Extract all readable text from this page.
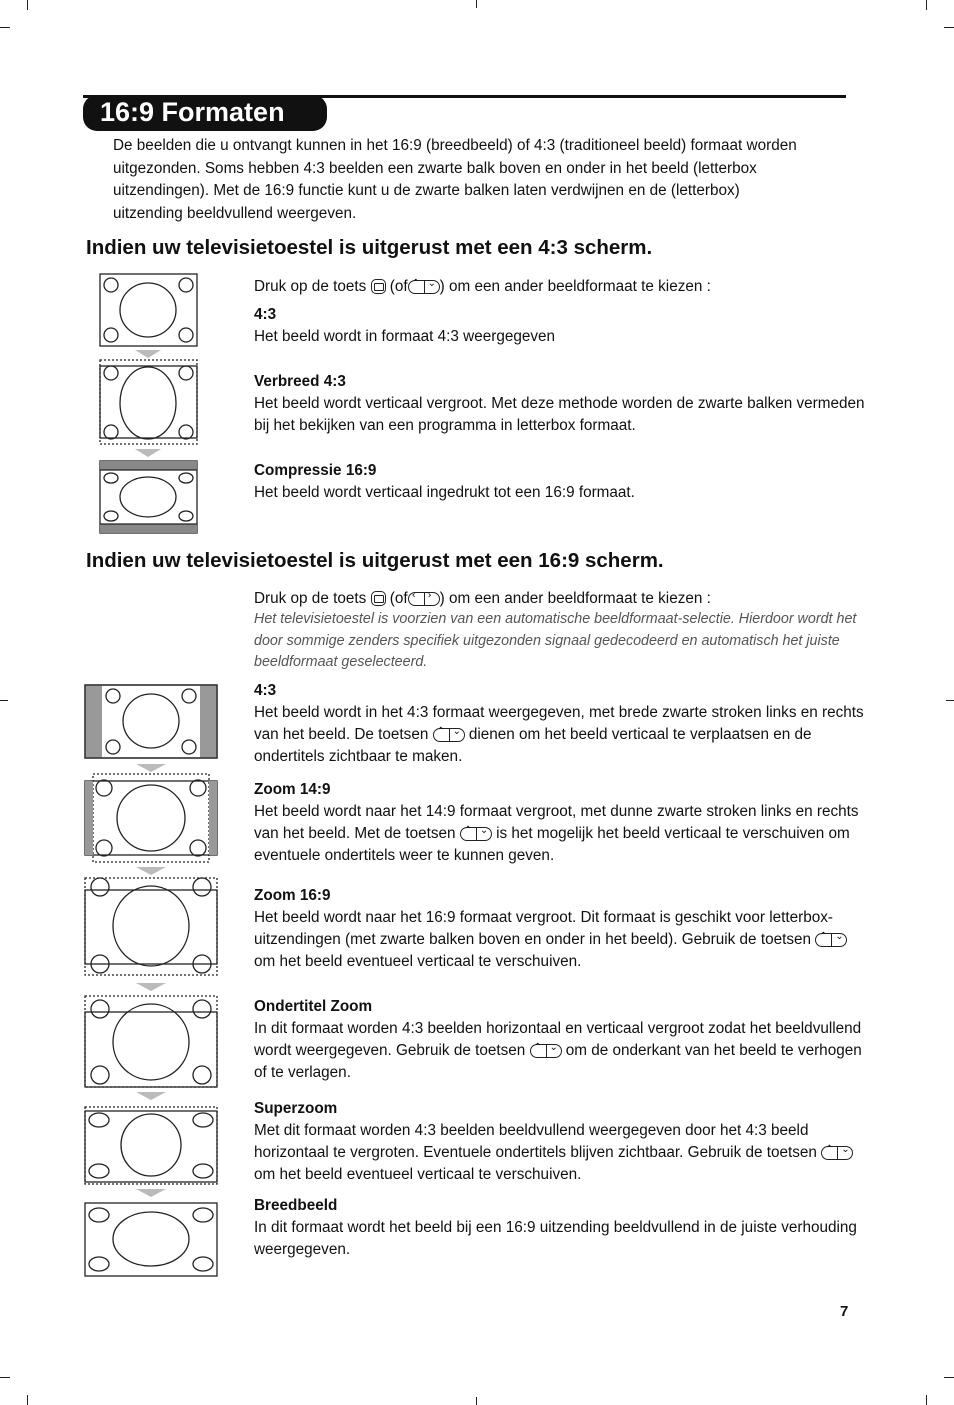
16:9 Formaten
De beelden die u ontvangt kunnen in het 16:9 (breedbeeld) of 4:3 (traditioneel beeld) formaat worden uitgezonden. Soms hebben 4:3 beelden een zwarte balk boven en onder in het beeld (letterbox uitzendingen). Met de 16:9 functie kunt u de zwarte balken laten verdwijnen en de (letterbox) uitzending beeldvullend weergeven.
Indien uw televisietoestel is uitgerust met een 4:3 scherm.
Druk op de toets (of ⌃ ⌄ ) om een ander beeldformaat te kiezen :
4:3
Het beeld wordt in formaat 4:3 weergegeven
Verbreed 4:3
Het beeld wordt verticaal vergroot. Met deze methode worden de zwarte balken vermeden bij het bekijken van een programma in letterbox formaat.
Compressie 16:9
Het beeld wordt verticaal ingedrukt tot een 16:9 formaat.
Indien uw televisietoestel is uitgerust met een 16:9 scherm.
Druk op de toets (of ‹ › ) om een ander beeldformaat te kiezen :
Het televisietoestel is voorzien van een automatische beeldformaat-selectie. Hierdoor wordt het door sommige zenders specifiek uitgezonden signaal gedecodeerd en automatisch het juiste beeldformaat geselecteerd.
4:3
Het beeld wordt in het 4:3 formaat weergegeven, met brede zwarte stroken links en rechts van het beeld. De toetsen ⌃ ⌄ dienen om het beeld verticaal te verplaatsen en de ondertitels zichtbaar te maken.
Zoom 14:9
Het beeld wordt naar het 14:9 formaat vergroot, met dunne zwarte stroken links en rechts van het beeld. Met de toetsen ⌃ ⌄ is het mogelijk het beeld verticaal te verschuiven om eventuele ondertitels weer te kunnen geven.
Zoom 16:9
Het beeld wordt naar het 16:9 formaat vergroot. Dit formaat is geschikt voor letterbox-uitzendingen (met zwarte balken boven en onder in het beeld). Gebruik de toetsen ⌃ ⌄
om het beeld eventueel verticaal te verschuiven.
Ondertitel Zoom
In dit formaat worden 4:3 beelden horizontaal en verticaal vergroot zodat het beeldvullend wordt weergegeven. Gebruik de toetsen ⌃ ⌄ om de onderkant van het beeld te verhogen of te verlagen.
Superzoom
Met dit formaat worden 4:3 beelden beeldvullend weergegeven door het 4:3 beeld horizontaal te vergroten. Eventuele ondertitels blijven zichtbaar. Gebruik de toetsen ⌃ ⌄
om het beeld eventueel verticaal te verschuiven.
Breedbeeld
In dit formaat wordt het beeld bij een 16:9 uitzending beeldvullend in de juiste verhouding weergegeven.
7
